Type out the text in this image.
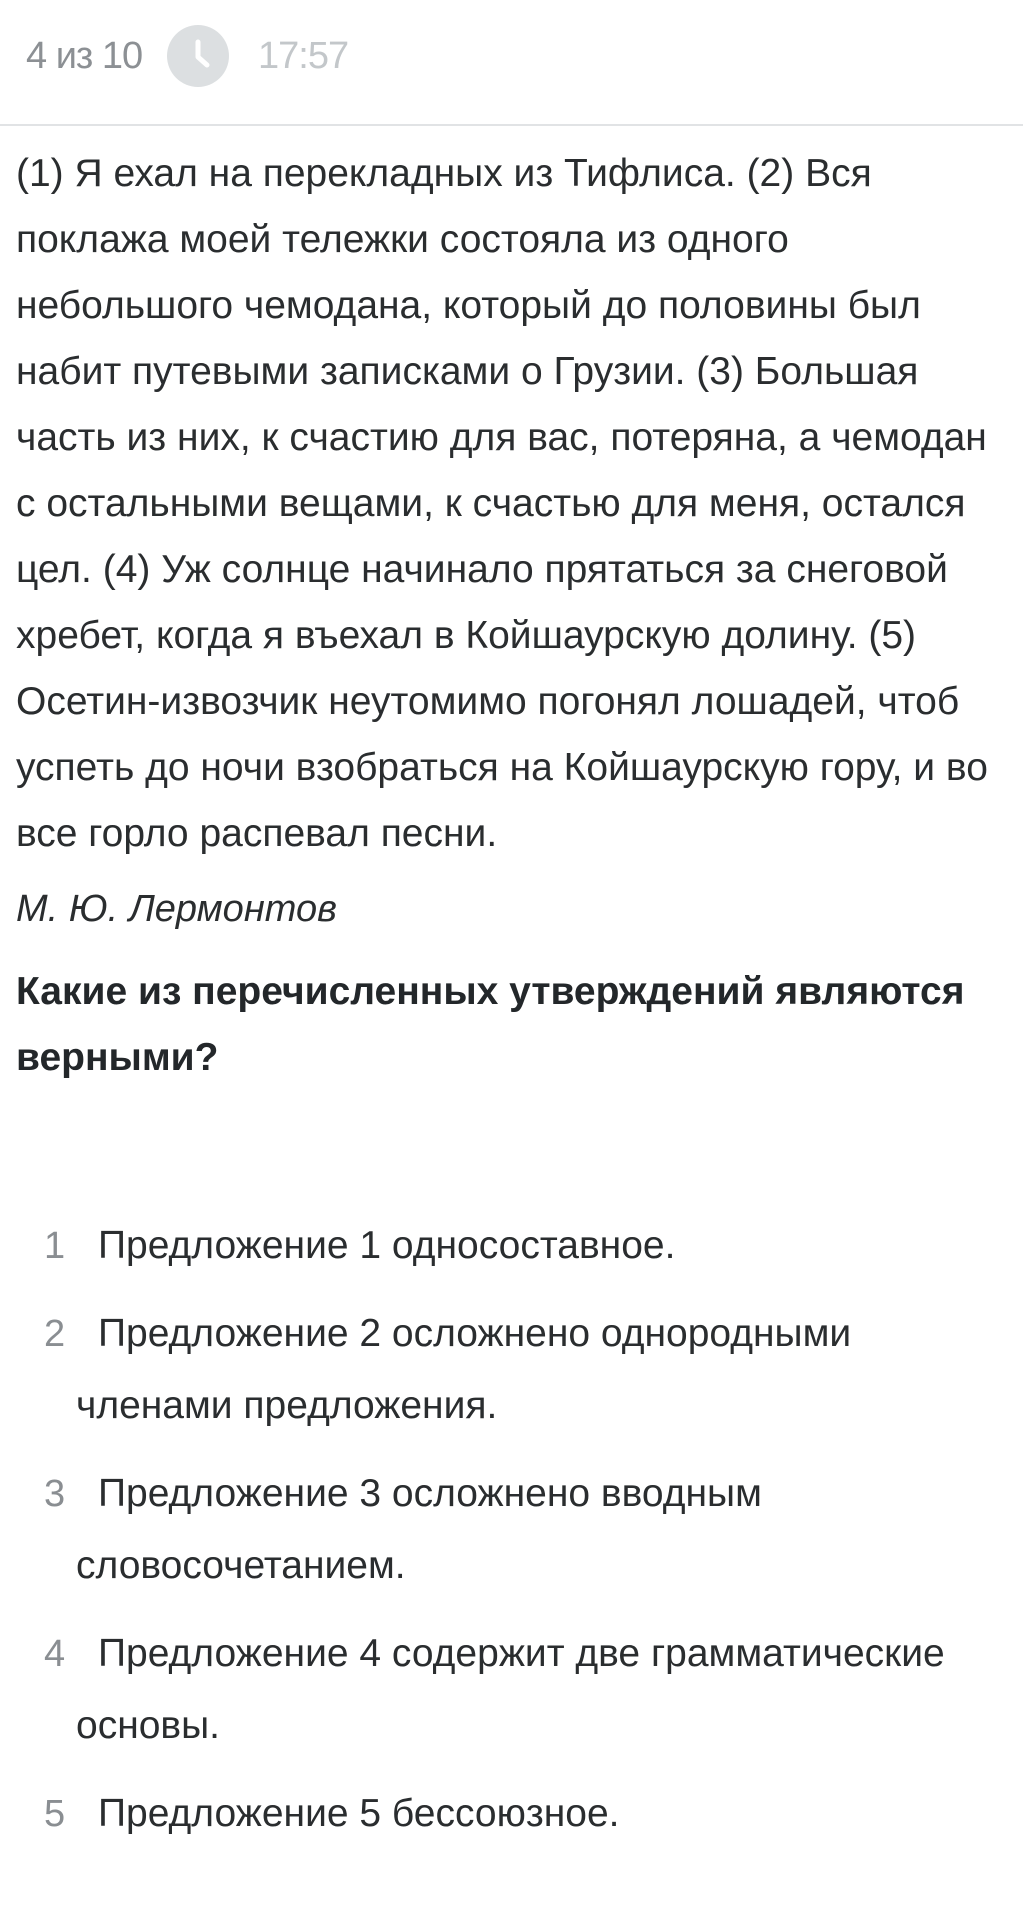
4 из 10	17:57

(1) Я ехал на перекладных из Тифлиса. (2) Вся поклажа моей тележки состояла из одного небольшого чемодана, который до половины был набит путевыми записками о Грузии. (3) Большая часть из них, к счастию для вас, потеряна, а чемодан с остальными вещами, к счастью для меня, остался цел. (4) Уж солнце начинало прятаться за снеговой хребет, когда я въехал в Койшаурскую долину. (5) Осетин-извозчик неутомимо погонял лошадей, чтоб успеть до ночи взобраться на Койшаурскую гору, и во все горло распевал песни.

М. Ю. Лермонтов
Какие из перечисленных утверждений являются верными?
1 Предложение 1 односоставное.
2 Предложение 2 осложнено однородными членами предложения.
3 Предложение 3 осложнено вводным словосочетанием.
4 Предложение 4 содержит две грамматические основы.
5 Предложение 5 бессоюзное.
